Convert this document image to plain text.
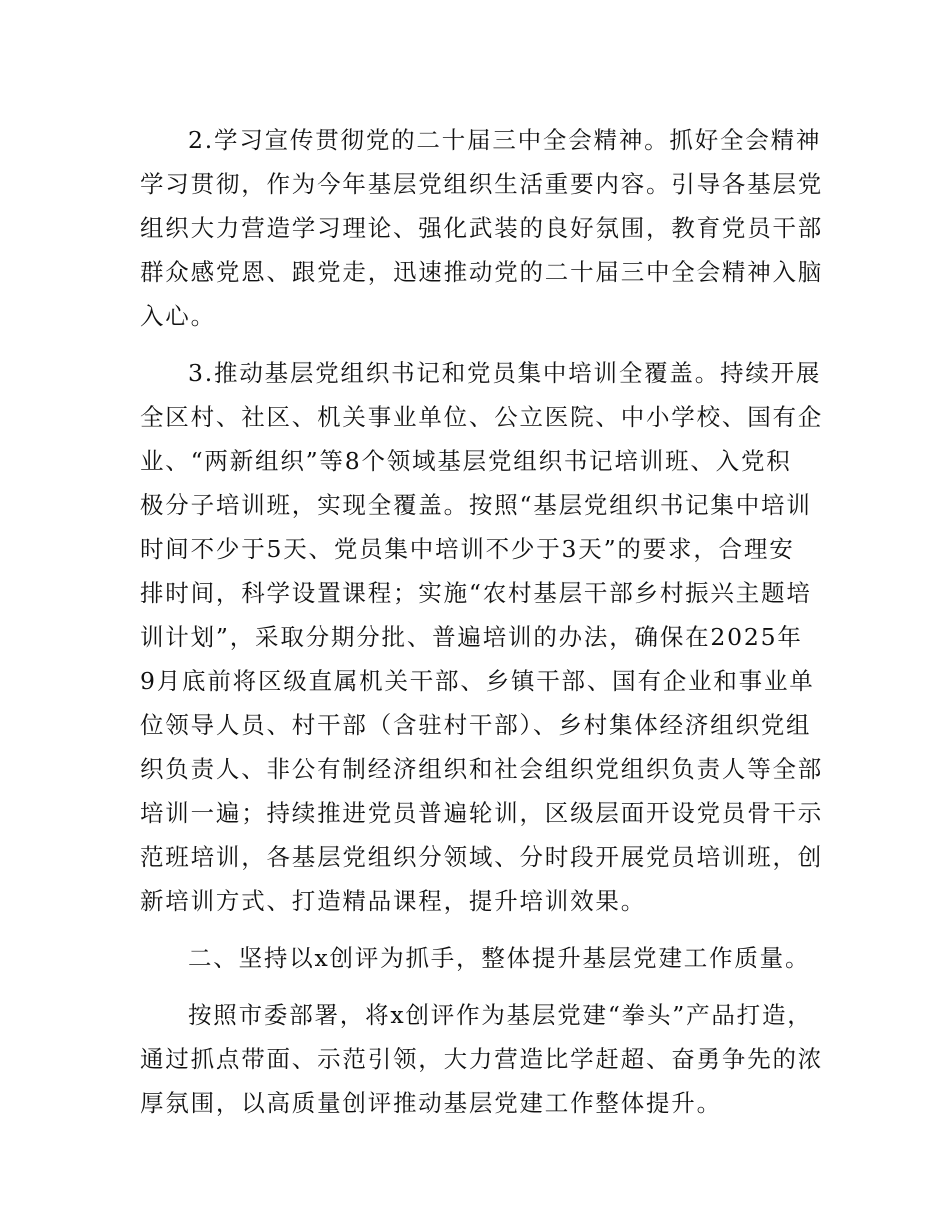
2.学习宣传贯彻党的二十届三中全会精神。抓好全会精神
学习贯彻，作为今年基层党组织生活重要内容。引导各基层党
组织大力营造学习理论、强化武装的良好氛围，教育党员干部
群众感党恩、跟党走，迅速推动党的二十届三中全会精神入脑
入心。
3.推动基层党组织书记和党员集中培训全覆盖。持续开展
全区村、社区、机关事业单位、公立医院、中小学校、国有企
业、“两新组织”等8个领域基层党组织书记培训班、入党积
极分子培训班，实现全覆盖。按照“基层党组织书记集中培训
时间不少于5天、党员集中培训不少于3天”的要求，合理安
排时间，科学设置课程；实施“农村基层干部乡村振兴主题培
训计划”，采取分期分批、普遍培训的办法，确保在2025年
9月底前将区级直属机关干部、乡镇干部、国有企业和事业单
位领导人员、村干部（含驻村干部）、乡村集体经济组织党组
织负责人、非公有制经济组织和社会组织党组织负责人等全部
培训一遍；持续推进党员普遍轮训，区级层面开设党员骨干示
范班培训，各基层党组织分领域、分时段开展党员培训班，创
新培训方式、打造精品课程，提升培训效果。
二、坚持以x创评为抓手，整体提升基层党建工作质量。
按照市委部署，将x创评作为基层党建“拳头”产品打造，
通过抓点带面、示范引领，大力营造比学赶超、奋勇争先的浓
厚氛围，以高质量创评推动基层党建工作整体提升。
